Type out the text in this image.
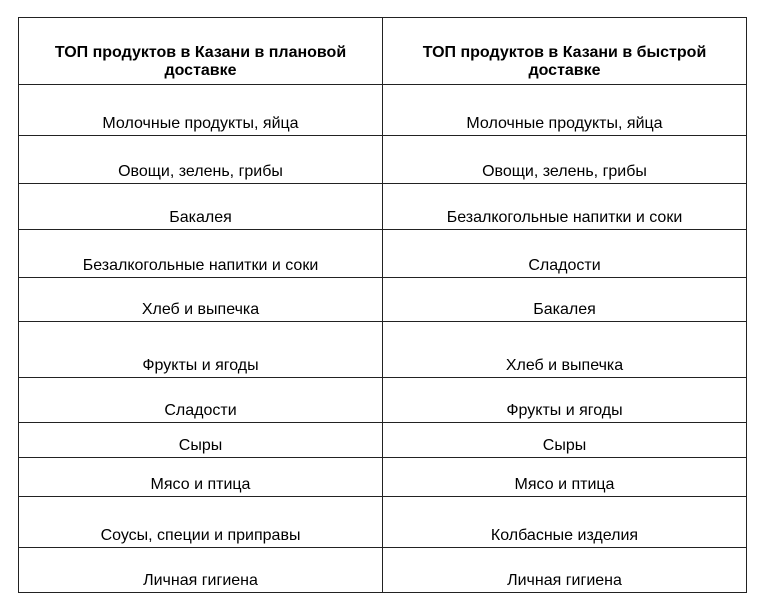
ТОП продуктов в Казани в плановой доставке	ТОП продуктов в Казани в быстрой доставке
Молочные продукты, яйца	Молочные продукты, яйца
Овощи, зелень, грибы	Овощи, зелень, грибы
Бакалея	Безалкогольные напитки и соки
Безалкогольные напитки и соки	Сладости
Хлеб и выпечка	Бакалея
Фрукты и ягоды	Хлеб и выпечка
Сладости	Фрукты и ягоды
Сыры	Сыры
Мясо и птица	Мясо и птица
Соусы, специи и приправы	Колбасные изделия
Личная гигиена	Личная гигиена
